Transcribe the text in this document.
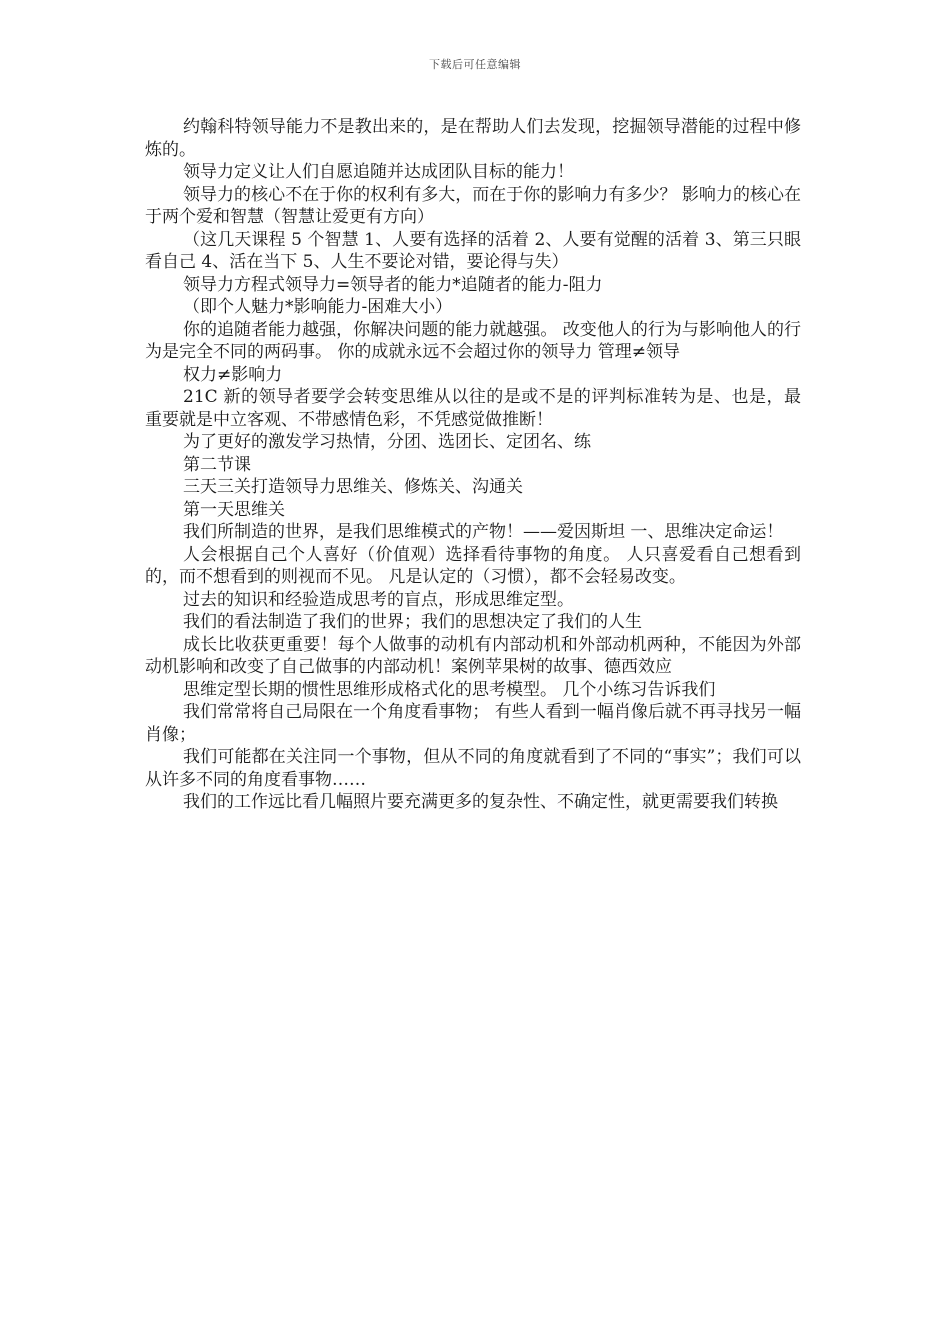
下载后可任意编辑

约翰科特领导能力不是教出来的，是在帮助人们去发现，挖掘领导潜能的过程中修炼的。

领导力定义让人们自愿追随并达成团队目标的能力！

领导力的核心不在于你的权利有多大，而在于你的影响力有多少？ 影响力的核心在于两个爱和智慧（智慧让爱更有方向）

（这几天课程 5 个智慧 1、人要有选择的活着 2、人要有觉醒的活着 3、第三只眼看自己 4、活在当下 5、人生不要论对错，要论得与失）

领导力方程式领导力=领导者的能力*追随者的能力-阻力

（即个人魅力*影响能力-困难大小）

你的追随者能力越强，你解决问题的能力就越强。 改变他人的行为与影响他人的行为是完全不同的两码事。 你的成就永远不会超过你的领导力 管理≠领导

权力≠影响力

21C 新的领导者要学会转变思维从以往的是或不是的评判标准转为是、也是，最重要就是中立客观、不带感情色彩，不凭感觉做推断！

为了更好的激发学习热情，分团、选团长、定团名、练

第二节课

三天三关打造领导力思维关、修炼关、沟通关

第一天思维关

我们所制造的世界，是我们思维模式的产物！——爱因斯坦 一、思维决定命运！

人会根据自己个人喜好（价值观）选择看待事物的角度。 人只喜爱看自己想看到的，而不想看到的则视而不见。 凡是认定的（习惯），都不会轻易改变。

过去的知识和经验造成思考的盲点，形成思维定型。

我们的看法制造了我们的世界；我们的思想决定了我们的人生

成长比收获更重要！每个人做事的动机有内部动机和外部动机两种，不能因为外部动机影响和改变了自己做事的内部动机！案例苹果树的故事、德西效应

思维定型长期的惯性思维形成格式化的思考模型。 几个小练习告诉我们

我们常常将自己局限在一个角度看事物； 有些人看到一幅肖像后就不再寻找另一幅肖像；

我们可能都在关注同一个事物，但从不同的角度就看到了不同的“事实”；我们可以从许多不同的角度看事物……

我们的工作远比看几幅照片要充满更多的复杂性、不确定性，就更需要我们转换
